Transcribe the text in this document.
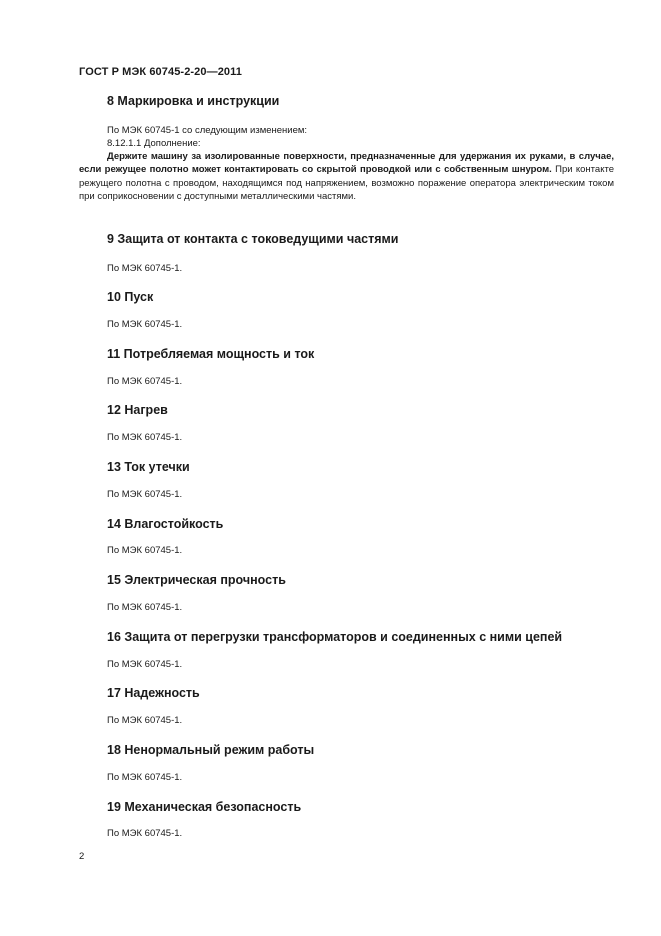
ГОСТ Р МЭК 60745-2-20—2011
8 Маркировка и инструкции
По МЭК 60745-1 со следующим изменением:
8.12.1.1 Дополнение:
Держите машину за изолированные поверхности, предназначенные для удержания их руками, в случае, если режущее полотно может контактировать со скрытой проводкой или с собственным шнуром. При контакте режущего полотна с проводом, находящимся под напряжением, возможно поражение оператора электрическим током при соприкосновении с доступными металлическими частями.
9 Защита от контакта с токоведущими частями
По МЭК 60745-1.
10 Пуск
По МЭК 60745-1.
11 Потребляемая мощность и ток
По МЭК 60745-1.
12 Нагрев
По МЭК 60745-1.
13 Ток утечки
По МЭК 60745-1.
14 Влагостойкость
По МЭК 60745-1.
15 Электрическая прочность
По МЭК 60745-1.
16 Защита от перегрузки трансформаторов и соединенных с ними цепей
По МЭК 60745-1.
17 Надежность
По МЭК 60745-1.
18 Ненормальный режим работы
По МЭК 60745-1.
19 Механическая безопасность
По МЭК 60745-1.
2
